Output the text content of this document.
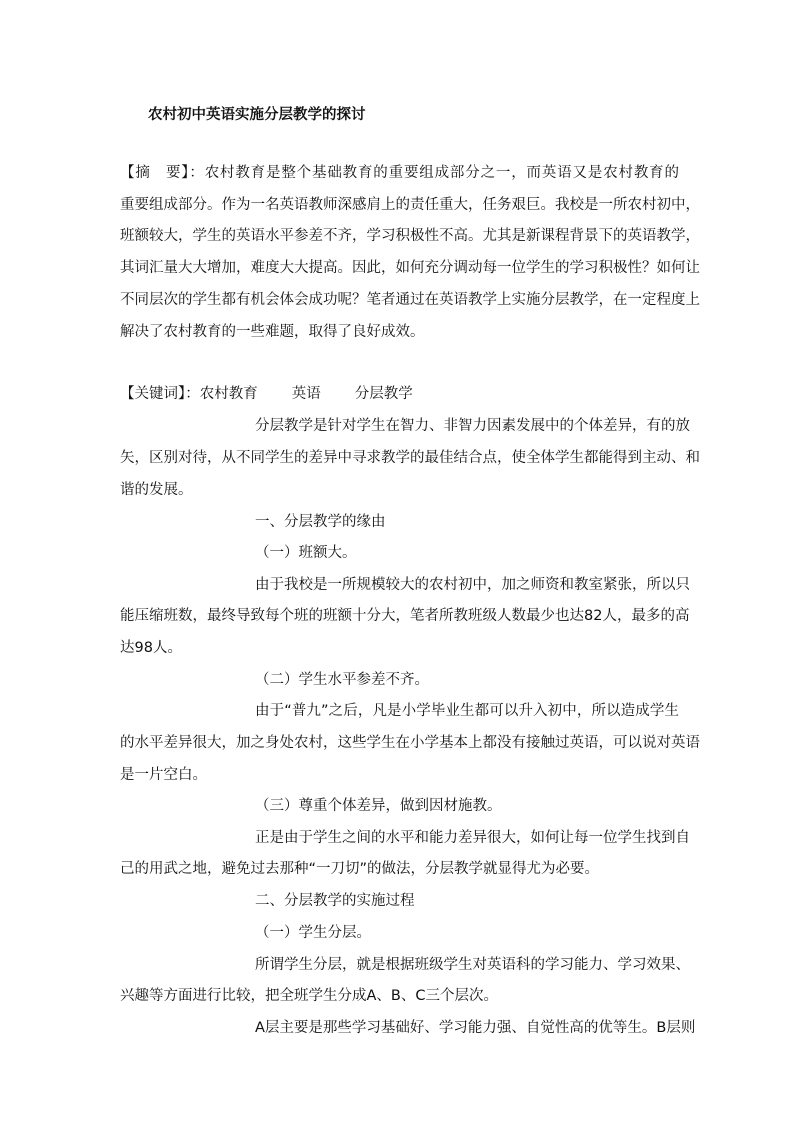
农村初中英语实施分层教学的探讨
【摘　要】：农村教育是整个基础教育的重要组成部分之一，而英语又是农村教育的
重要组成部分。作为一名英语教师深感肩上的责任重大，任务艰巨。我校是一所农村初中，
班额较大，学生的英语水平参差不齐，学习积极性不高。尤其是新课程背景下的英语教学，
其词汇量大大增加，难度大大提高。因此，如何充分调动每一位学生的学习积极性？如何让
不同层次的学生都有机会体会成功呢？笔者通过在英语教学上实施分层教学，在一定程度上
解决了农村教育的一些难题，取得了良好成效。
【关键词】：农村教育 英语 分层教学
分层教学是针对学生在智力、非智力因素发展中的个体差异，有的放
矢，区别对待，从不同学生的差异中寻求教学的最佳结合点，使全体学生都能得到主动、和
谐的发展。
一、分层教学的缘由
（一）班额大。
由于我校是一所规模较大的农村初中，加之师资和教室紧张，所以只
能压缩班数，最终导致每个班的班额十分大，笔者所教班级人数最少也达82人，最多的高
达98人。
（二）学生水平参差不齐。
由于“普九”之后，凡是小学毕业生都可以升入初中，所以造成学生
的水平差异很大，加之身处农村，这些学生在小学基本上都没有接触过英语，可以说对英语
是一片空白。
（三）尊重个体差异，做到因材施教。
正是由于学生之间的水平和能力差异很大，如何让每一位学生找到自
己的用武之地，避免过去那种“一刀切”的做法，分层教学就显得尤为必要。
二、分层教学的实施过程
（一）学生分层。
所谓学生分层，就是根据班级学生对英语科的学习能力、学习效果、
兴趣等方面进行比较，把全班学生分成A、B、C三个层次。
A层主要是那些学习基础好、学习能力强、自觉性高的优等生。B层则
